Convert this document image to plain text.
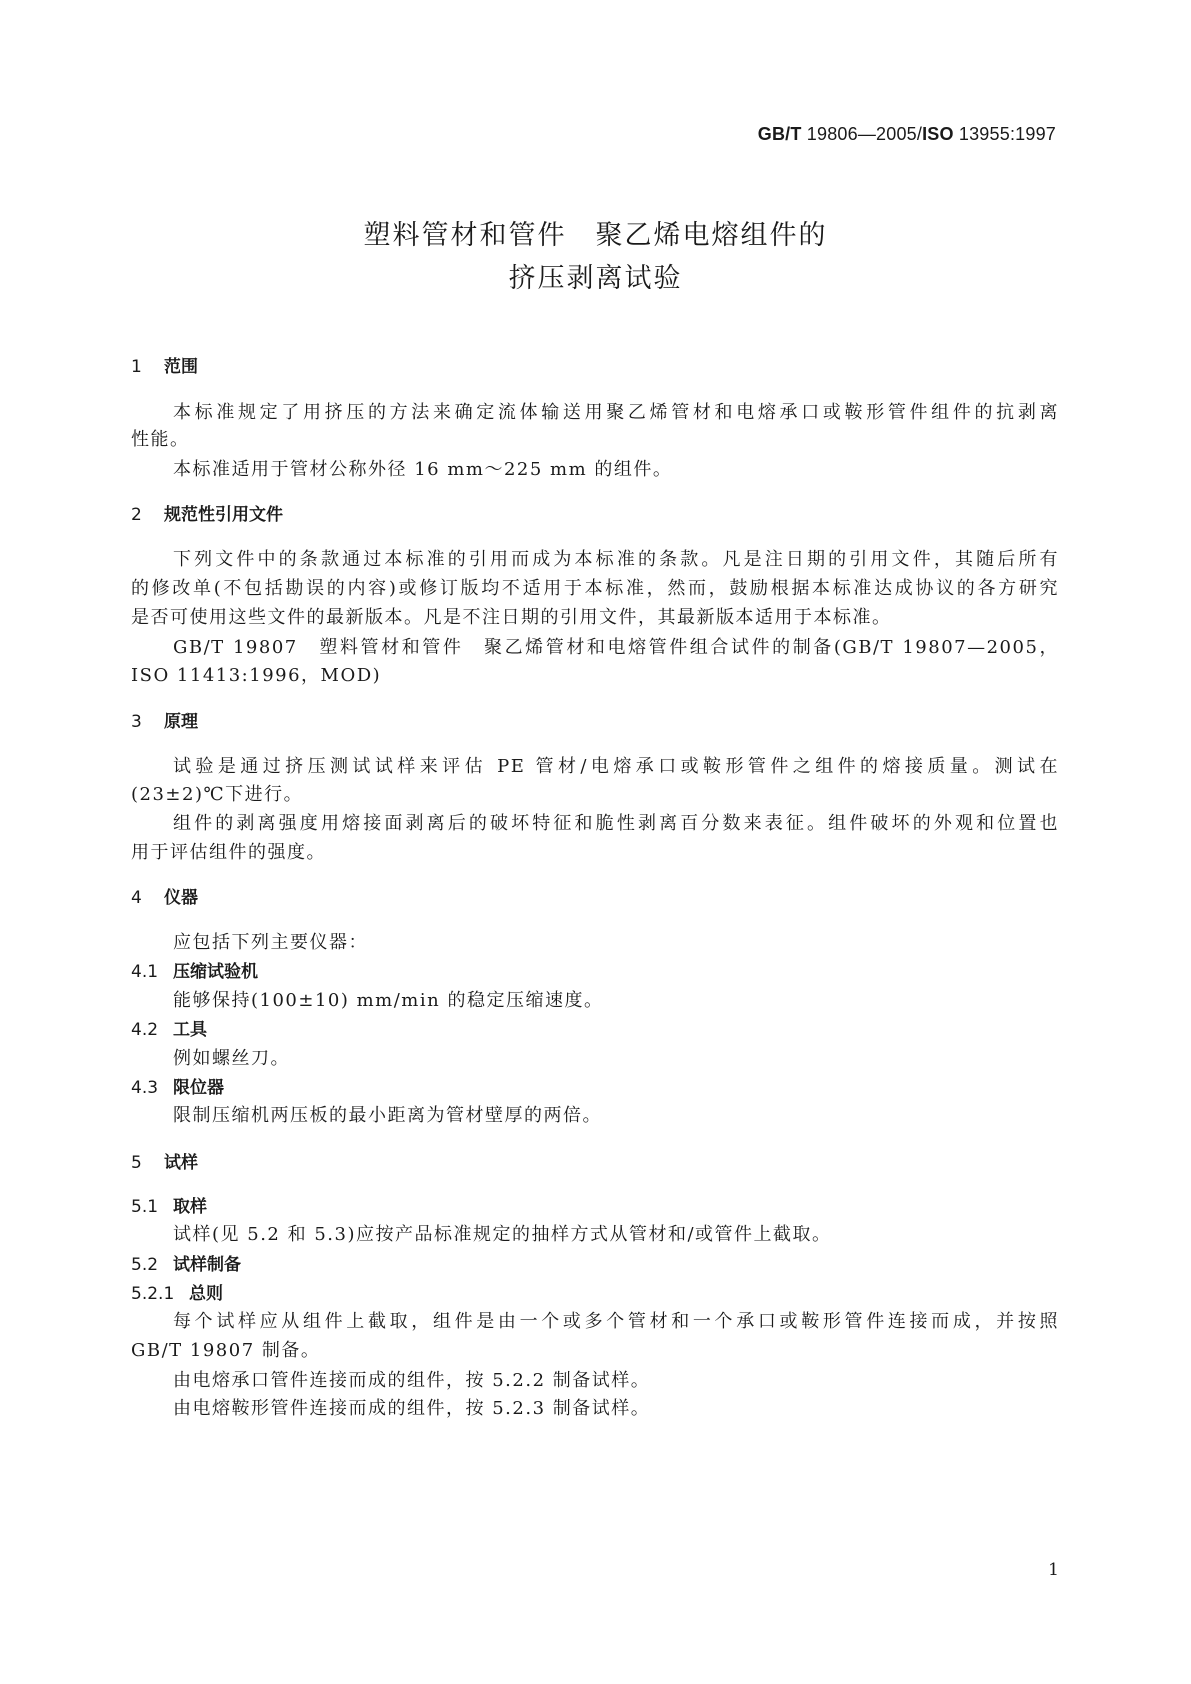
GB/T 19806—2005/ISO 13955:1997
塑料管材和管件　聚乙烯电熔组件的
挤压剥离试验
1 范围
本标准规定了用挤压的方法来确定流体输送用聚乙烯管材和电熔承口或鞍形管件组件的抗剥离
性能。
本标准适用于管材公称外径 16 mm～225 mm 的组件。
2 规范性引用文件
下列文件中的条款通过本标准的引用而成为本标准的条款。凡是注日期的引用文件，其随后所有
的修改单(不包括勘误的内容)或修订版均不适用于本标准，然而，鼓励根据本标准达成协议的各方研究
是否可使用这些文件的最新版本。凡是不注日期的引用文件，其最新版本适用于本标准。
GB/T 19807　塑料管材和管件　聚乙烯管材和电熔管件组合试件的制备(GB/T 19807—2005，
ISO 11413:1996，MOD)
3 原理
试验是通过挤压测试试样来评估 PE 管材/电熔承口或鞍形管件之组件的熔接质量。测试在
(23±2)℃下进行。
组件的剥离强度用熔接面剥离后的破坏特征和脆性剥离百分数来表征。组件破坏的外观和位置也
用于评估组件的强度。
4 仪器
应包括下列主要仪器：
4.1 压缩试验机
能够保持(100±10) mm/min 的稳定压缩速度。
4.2 工具
例如螺丝刀。
4.3 限位器
限制压缩机两压板的最小距离为管材壁厚的两倍。
5 试样
5.1 取样
试样(见 5.2 和 5.3)应按产品标准规定的抽样方式从管材和/或管件上截取。
5.2 试样制备
5.2.1 总则
每个试样应从组件上截取，组件是由一个或多个管材和一个承口或鞍形管件连接而成，并按照
GB/T 19807 制备。
由电熔承口管件连接而成的组件，按 5.2.2 制备试样。
由电熔鞍形管件连接而成的组件，按 5.2.3 制备试样。
1
